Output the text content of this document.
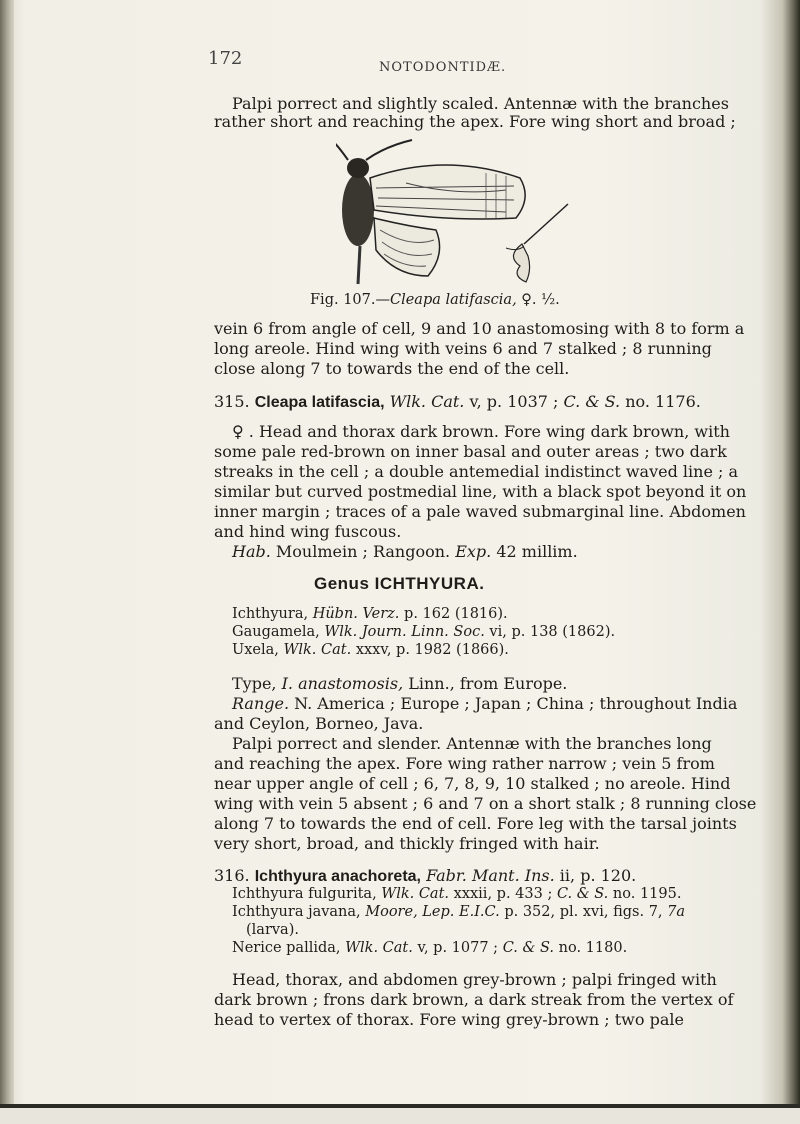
172	NOTODONTIDÆ.
Palpi porrect and slightly scaled. Antennæ with the branches
rather short and reaching the apex. Fore wing short and broad ;
Fig. 107.—Cleapa latifascia, ♀. ½.
vein 6 from angle of cell, 9 and 10 anastomosing with 8 to form a
long areole. Hind wing with veins 6 and 7 stalked ; 8 running
close along 7 to towards the end of the cell.
315. Cleapa latifascia, Wlk. Cat. v, p. 1037 ; C. & S. no. 1176.
♀ . Head and thorax dark brown. Fore wing dark brown, with
some pale red-brown on inner basal and outer areas ; two dark
streaks in the cell ; a double antemedial indistinct waved line ; a
similar but curved postmedial line, with a black spot beyond it on
inner margin ; traces of a pale waved submarginal line. Abdomen
and hind wing fuscous.
Hab. Moulmein ; Rangoon. Exp. 42 millim.
Genus ICHTHYURA.
Ichthyura, Hübn. Verz. p. 162 (1816).
Gaugamela, Wlk. Journ. Linn. Soc. vi, p. 138 (1862).
Uxela, Wlk. Cat. xxxv, p. 1982 (1866).
Type, I. anastomosis, Linn., from Europe.
Range. N. America ; Europe ; Japan ; China ; throughout India
and Ceylon, Borneo, Java.
Palpi porrect and slender. Antennæ with the branches long
and reaching the apex. Fore wing rather narrow ; vein 5 from
near upper angle of cell ; 6, 7, 8, 9, 10 stalked ; no areole. Hind
wing with vein 5 absent ; 6 and 7 on a short stalk ; 8 running close
along 7 to towards the end of cell. Fore leg with the tarsal joints
very short, broad, and thickly fringed with hair.
316. Ichthyura anachoreta, Fabr. Mant. Ins. ii, p. 120.
Ichthyura fulgurita, Wlk. Cat. xxxii, p. 433 ; C. & S. no. 1195.
Ichthyura javana, Moore, Lep. E.I.C. p. 352, pl. xvi, figs. 7, 7a
(larva).
Nerice pallida, Wlk. Cat. v, p. 1077 ; C. & S. no. 1180.
Head, thorax, and abdomen grey-brown ; palpi fringed with
dark brown ; frons dark brown, a dark streak from the vertex of
head to vertex of thorax. Fore wing grey-brown ; two pale
